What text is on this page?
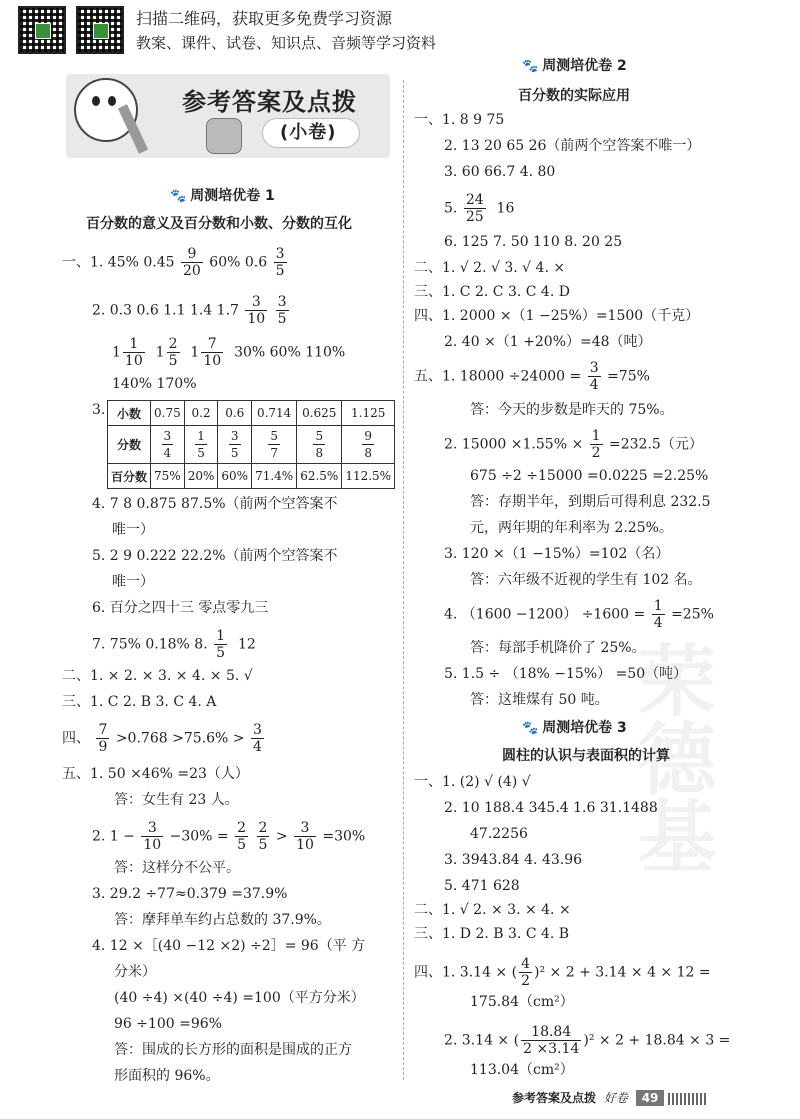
荣德基
扫描二维码，获取更多免费学习资源
教案、课件、试卷、知识点、音频等学习资料
参考答案及点拨
(小卷)
🐾 周测培优卷 1
百分数的意义及百分数和小数、分数的互化
一、1. 45% $0.45 \frac{9}{20} 60\%$ $0.6 \frac{3}{5}$
2. 0.3 0.6 1.1 1.4 $1.7 \frac{3}{10}$
$\frac{3}{5}$
$1 \frac{1}{10} 1 \frac{2}{5} 1 \frac{7}{10} 30\%$ 60% 110%
140% 170%
3. 小数	0.75	0.2	0.6	0.714	0.625	1.125
分数	$\frac{3}{4}$	$\frac{1}{5}$	$\frac{3}{5}$	$\frac{5}{7}$	$\frac{5}{8}$	$\frac{9}{8}$

百分数	75%	20%	60%	71.4%	62.5%	112.5%
4. 7 8 0.875 87.5%（前两个空答案不
唯一）
5. 2 9 0.222 22.2%（前两个空答案不
唯一）
6. 百分之四十三 零点零九三
7. 75% 0.18% 8. $\frac{1}{5} 12$
二、1. × 2. × 3. × 4. × 5. √
三、1. C 2. B 3. C 4. A
四、 $\frac{7}{9} >0.768 >75.6\% > \frac{3}{4}$
五、1. 50 ×46% =23（人）
答：女生有 23 人。
2. $1 - \frac{3}{10} -30\% = \frac{2}{5}$
$\frac{2}{5} > \frac{3}{10} =30\%$
答：这样分不公平。
3. 29.2 ÷77≈0.379 =37.9%
答：摩拜单车约占总数的 37.9%。
4. 12 ×［(40 −12 ×2) ÷2］= 96（平 方
分米）
(40 ÷4) ×(40 ÷4) =100（平方分米）
96 ÷100 =96%
答：围成的长方形的面积是围成的正方
形面积的 96%。
🐾 周测培优卷 2
百分数的实际应用
一、1. 8 9 75
2. 13 20 65 26（前两个空答案不唯一）
3. 60 66.7 4. 80
5. $\frac{24}{25} 16$
6. 125 7. 50 110 8. 20 25
二、1. √ 2. √ 3. √ 4. ×
三、1. C 2. C 3. C 4. D
四、1. 2000 ×（1 −25%）=1500（千克）
2. 40 ×（1 +20%）=48（吨）
五、1. $18000 \div 24000 = \frac{3}{4} =75\%$
答：今天的步数是昨天的 75%。
2. $15000 \times 1.55\% \times \frac{1}{2} =232.5$（元）
675 ÷2 ÷15000 =0.0225 =2.25%
答：存期半年，到期后可得利息 232.5
元，两年期的年利率为 2.25%。
3. 120 ×（1 −15%）=102（名）
答：六年级不近视的学生有 102 名。
4. $(1600 -1200) \div 1600 = \frac{1}{4} =25\%$
答：每部手机降价了 25%。
5. 1.5 ÷ （18% −15%） =50（吨）
答：这堆煤有 50 吨。
🐾 周测培优卷 3
圆柱的认识与表面积的计算
一、1. (2) √ (4) √
2. 10 188.4 345.4 1.6 31.1488
47.2256
3. 3943.84 4. 43.96
5. 471 628
二、1. √ 2. × 3. × 4. ×
三、1. D 2. B 3. C 4. B
四、1. 3.14 × ( $\frac{4}{2} )^2 \times 2 + 3.14 \times 4 \times 12$ =
175.84（cm²）
2. 3.14 × ( $\frac{18.84}{2 \times 3.14} )^2 \times 2 + 18.84 \times 3$ =
113.04（cm²）
参考答案及点拨 好卷 49
